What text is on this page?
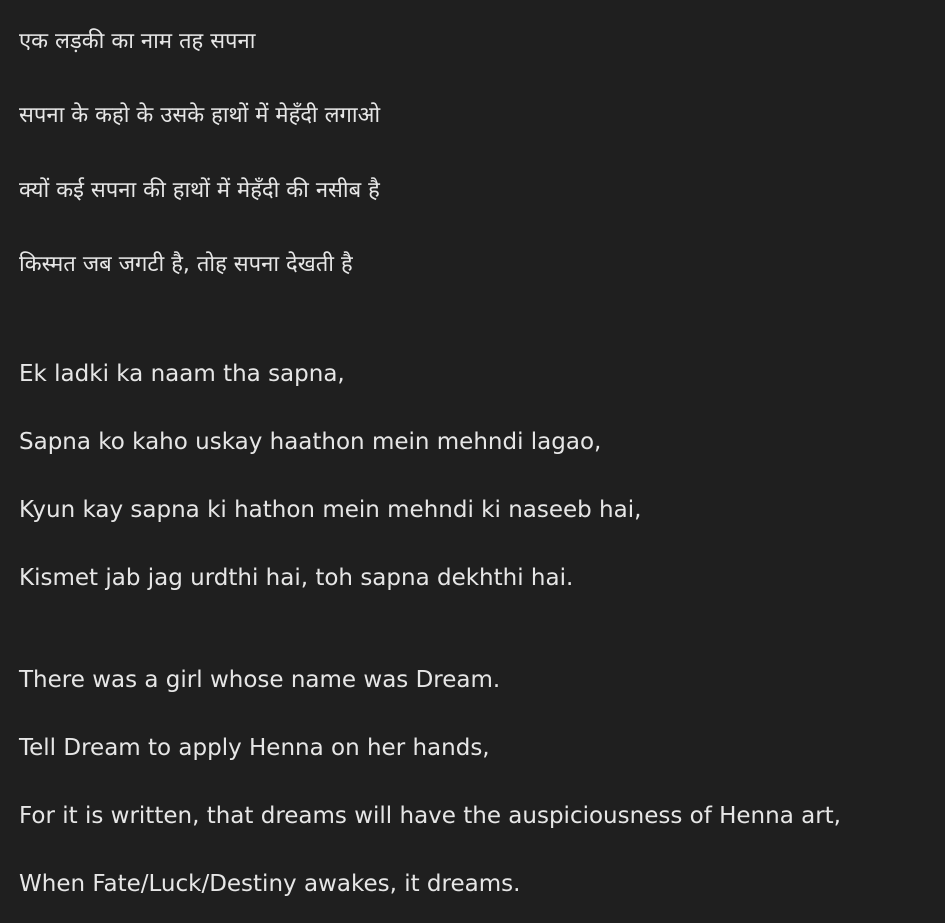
एक लड़की का नाम तह सपना
सपना के कहो के उसके हाथों में मेहँदी लगाओ
क्यों कई सपना की हाथों में मेहँदी की नसीब है
किस्मत जब जगटी है, तोह सपना देखती है
Ek ladki ka naam tha sapna,
Sapna ko kaho uskay haathon mein mehndi lagao,
Kyun kay sapna ki hathon mein mehndi ki naseeb hai,
Kismet jab jag urdthi hai, toh sapna dekhthi hai.
There was a girl whose name was Dream.
Tell Dream to apply Henna on her hands,
For it is written, that dreams will have the auspiciousness of Henna art,
When Fate/Luck/Destiny awakes, it dreams.
